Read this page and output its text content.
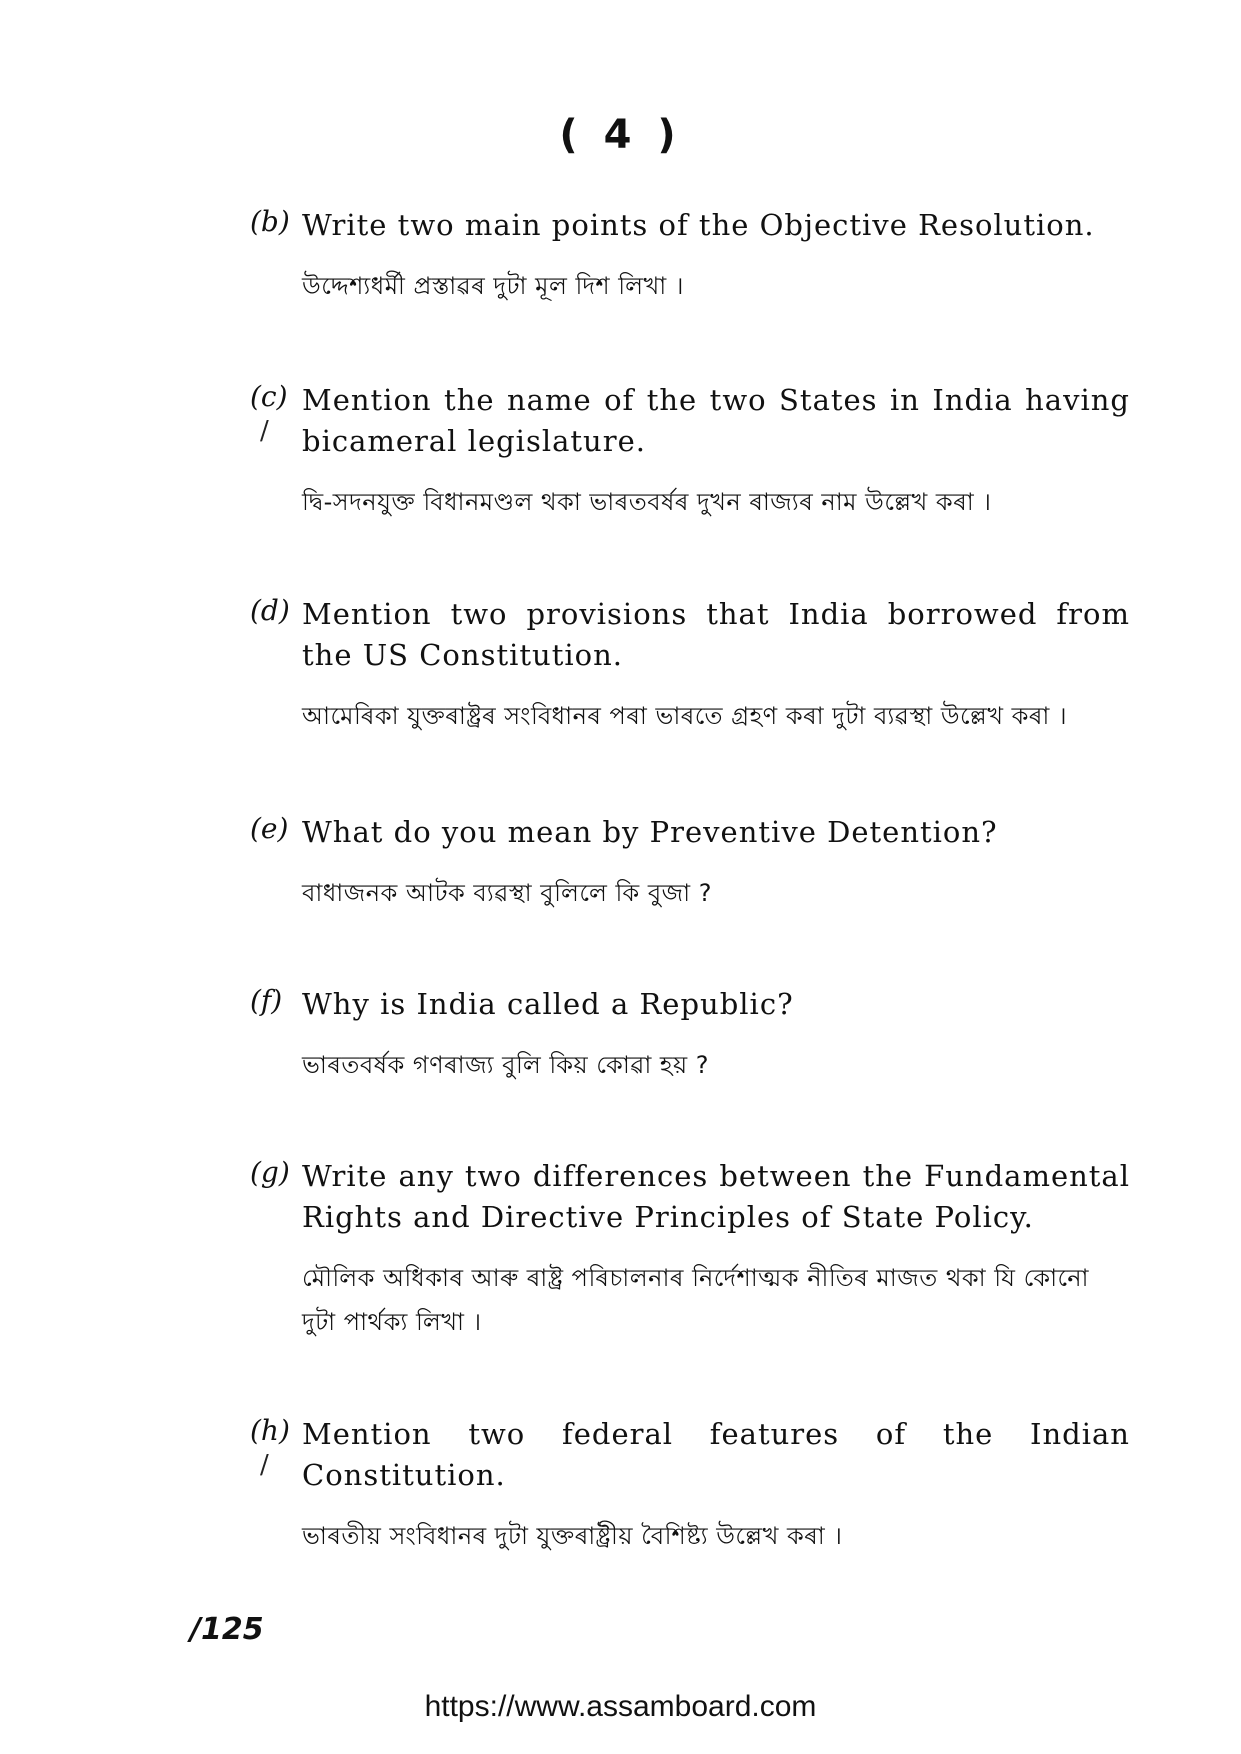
( 4 )
(b) Write two main points of the Objective Resolution.
উদ্দেশ্যধৰ্মী প্ৰস্তাৱৰ দুটা মূল দিশ লিখা ।
(c)
∕
Mention the name of the two States in India having bicameral legislature.
দ্বি-সদনযুক্ত বিধানমণ্ডল থকা ভাৰতবৰ্ষৰ দুখন ৰাজ্যৰ নাম উল্লেখ কৰা ।
(d) Mention two provisions that India borrowed from the US Constitution.
আমেৰিকা যুক্তৰাষ্ট্ৰৰ সংবিধানৰ পৰা ভাৰতে গ্ৰহণ কৰা দুটা ব্যৱস্থা উল্লেখ কৰা ।
(e) What do you mean by Preventive Detention?
বাধাজনক আটক ব্যৱস্থা বুলিলে কি বুজা ?
(f) Why is India called a Republic?
ভাৰতবৰ্ষক গণৰাজ্য বুলি কিয় কোৱা হয় ?
(g) Write any two differences between the Fundamental Rights and Directive Principles of State Policy.
মৌলিক অধিকাৰ আৰু ৰাষ্ট্ৰ পৰিচালনাৰ নিৰ্দেশাত্মক নীতিৰ মাজত থকা যি কোনো দুটা পাৰ্থক্য লিখা ।
(h)
∕
Mention two federal features of the Indian Constitution.
ভাৰতীয় সংবিধানৰ দুটা যুক্তৰাষ্ট্ৰীয় বৈশিষ্ট্য উল্লেখ কৰা ।
/125
https://www.assamboard.com
